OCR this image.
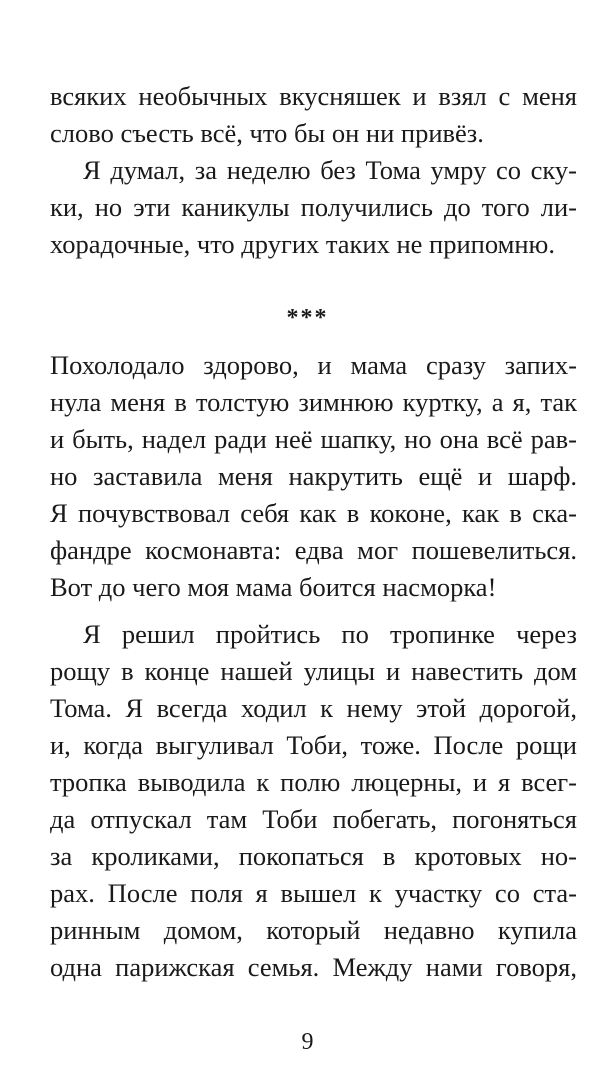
всяких необычных вкусняшек и взял с меня
слово съесть всё, что бы он ни привёз.
Я думал, за неделю без Тома умру со ску-
ки, но эти каникулы получились до того ли-
хорадочные, что других таких не припомню.
***
Похолодало здорово, и мама сразу запих-
нула меня в толстую зимнюю куртку, а я, так
и быть, надел ради неё шапку, но она всё рав-
но заставила меня накрутить ещё и шарф.
Я почувствовал себя как в коконе, как в ска-
фандре космонавта: едва мог пошевелиться.
Вот до чего моя мама боится насморка!
Я решил пройтись по тропинке через
рощу в конце нашей улицы и навестить дом
Тома. Я всегда ходил к нему этой дорогой,
и, когда выгуливал Тоби, тоже. После рощи
тропка выводила к полю люцерны, и я всег-
да отпускал там Тоби побегать, погоняться
за кроликами, покопаться в кротовых но-
рах. После поля я вышел к участку со ста-
ринным домом, который недавно купила
одна парижская семья. Между нами говоря,
9
